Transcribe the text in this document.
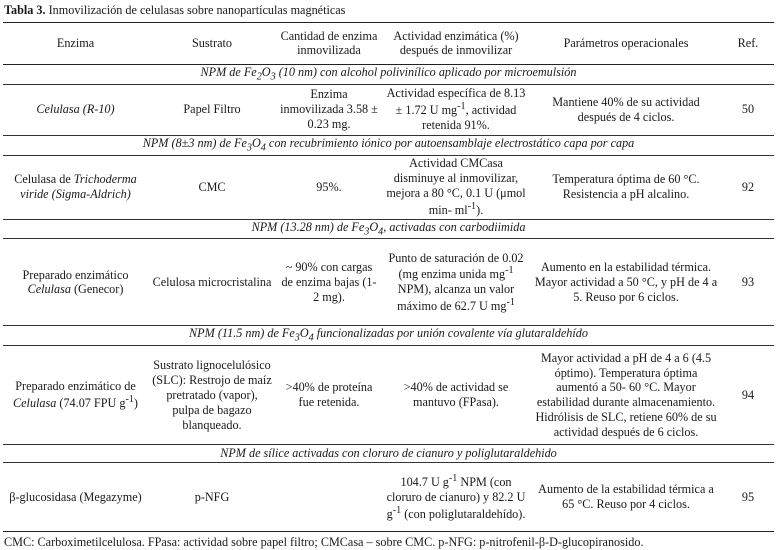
Tabla 3. Inmovilización de celulasas sobre nanopartículas magnéticas
Enzima	Sustrato	Cantidad de enzima inmovilizada	Actividad enzimática (%) después de inmovilizar	Parámetros operacionales	Ref.
NPM de $Fe_2O_3$ (10 nm) con alcohol polivinílico aplicado por microemulsión					
Celulasa (R-10)	Papel Filtro	Enzima inmovilizada 3.58 ± 0.23 mg.	Actividad específica de 8.13 ± 1.72 U $mg^{-1}$, actividad retenida 91%.	Mantiene 40% de su actividad después de 4 ciclos.	50
NPM (8±3 nm) de $Fe_3O_4$ con recubrimiento iónico por autoensamblaje electrostático capa por capa					
Celulasa de Trichoderma viride (Sigma-Aldrich)	CMC	95%.	Actividad CMCasa disminuye al inmovilizar, mejora a 80 °C, 0.1 U (μmol min- $ml^{-1}$).	Temperatura óptima de 60 °C. Resistencia a pH alcalino.	92
NPM (13.28 nm) de $Fe_3O_4$, activadas con carbodiimida					
Preparado enzimático Celulasa (Genecor)	Celulosa microcristalina	~ 90% con cargas de enzima bajas (1-2 mg).	Punto de saturación de 0.02 (mg enzima unida $mg^{-1}$ NPM), alcanza un valor máximo de 62.7 U $mg^{-1}$	Aumento en la estabilidad térmica. Mayor actividad a 50 °C, y pH de 4 a 5. Reuso por 6 ciclos.	93
NPM (11.5 nm) de $Fe_3O_4$ funcionalizadas por unión covalente vía glutaraldehído					
Preparado enzimático de Celulasa (74.07 FPU $g^{-1}$)	Sustrato lignocelulósico (SLC): Restrojo de maíz pretratado (vapor), pulpa de bagazo blanqueado.	>40% de proteína fue retenida.	>40% de actividad se mantuvo (FPasa).	Mayor actividad a pH de 4 a 6 (4.5 óptimo). Temperatura óptima aumentó a 50- 60 °C. Mayor estabilidad durante almacenamiento. Hidrólisis de SLC, retiene 60% de su actividad después de 6 ciclos.	94
NPM de sílice activadas con cloruro de cianuro y poliglutaraldehido					
β-glucosidasa (Megazyme)	p-NFG		104.7 U $g^{-1}$ NPM (con cloruro de cianuro) y 82.2 U $g^{-1}$ (con poliglutaraldehído).	Aumento de la estabilidad térmica a 65 °C. Reuso por 4 ciclos.	95
CMC: Carboximetilcelulosa. FPasa: actividad sobre papel filtro; CMCasa – sobre CMC. p-NFG: p-nitrofenil-β-D-glucopiranosido.
